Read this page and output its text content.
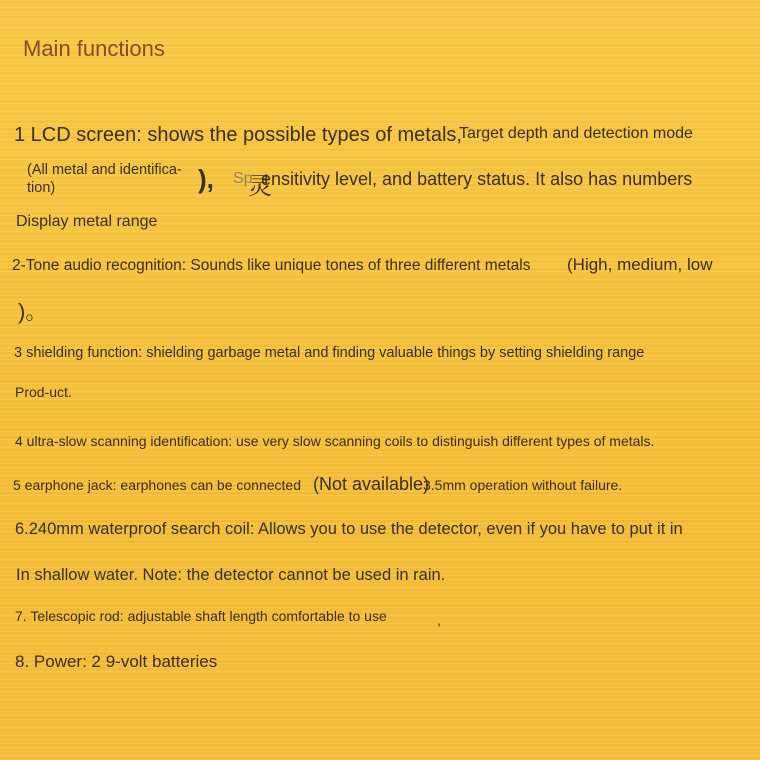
Main functions
1 LCD screen: shows the possible types of metals,
Target depth and detection mode
(All metal and identifica-tion)	), Sp
灵
ensitivity level, and battery status. It also has numbers
Display metal range
2-Tone audio recognition: Sounds like unique tones of three different metals (High, medium, low
)。
3 shielding function: shielding garbage metal and finding valuable things by setting shielding range
Prod-uct.
4 ultra-slow scanning identification: use very slow scanning coils to distinguish different types of metals.
5 earphone jack: earphones can be connected (Not available)
3.5mm operation without failure.
6.240mm waterproof search coil: Allows you to use the detector, even if you have to put it in
In shallow water. Note: the detector cannot be used in rain.
7. Telescopic rod: adjustable shaft length comfortable to use	,
8. Power: 2 9-volt batteries
